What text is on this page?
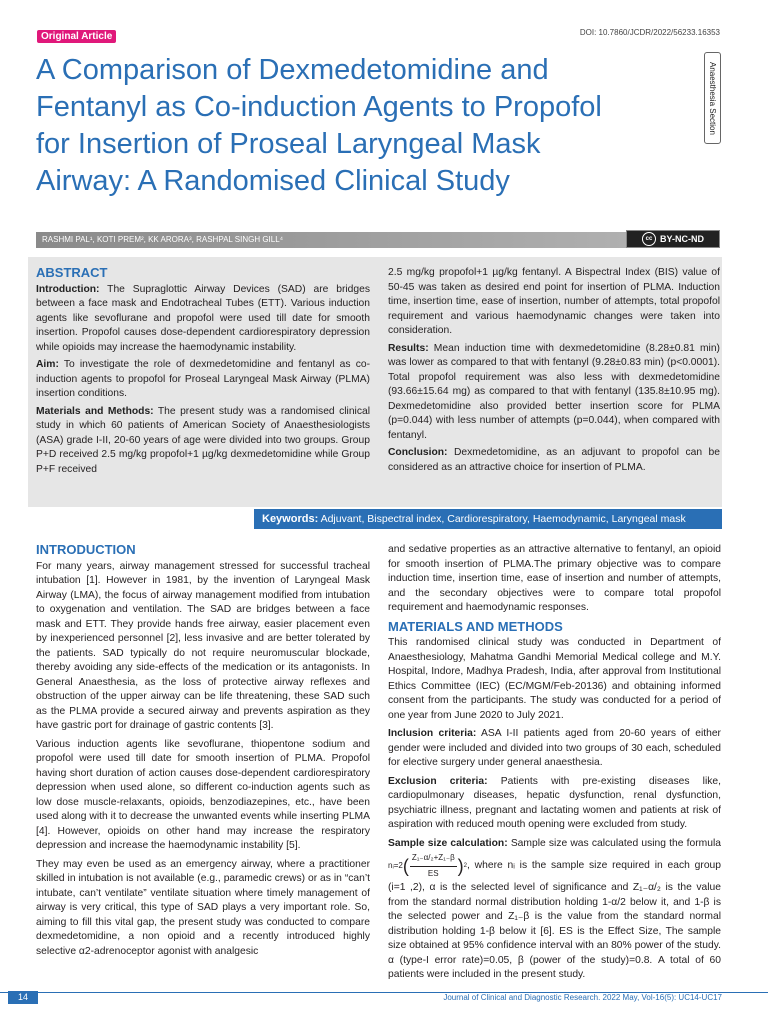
Original Article	DOI: 10.7860/JCDR/2022/56233.16353
A Comparison of Dexmedetomidine and Fentanyl as Co-induction Agents to Propofol for Insertion of Proseal Laryngeal Mask Airway: A Randomised Clinical Study
Anaesthesia Section
RASHMI PAL¹, KOTI PREM², KK ARORA³, RASHPAL SINGH GILL⁴	cc BY-NC-ND
ABSTRACT

Introduction: The Supraglottic Airway Devices (SAD) are bridges between a face mask and Endotracheal Tubes (ETT). Various induction agents like sevoflurane and propofol were used till date for smooth insertion. Propofol causes dose-dependent cardiorespiratory depression while opioids may increase the haemodynamic instability.

Aim: To investigate the role of dexmedetomidine and fentanyl as co-induction agents to propofol for Proseal Laryngeal Mask Airway (PLMA) insertion conditions.

Materials and Methods: The present study was a randomised clinical study in which 60 patients of American Society of Anaesthesiologists (ASA) grade I-II, 20-60 years of age were divided into two groups. Group P+D received 2.5 mg/kg propofol+1 µg/kg dexmedetomidine while Group P+F received

2.5 mg/kg propofol+1 µg/kg fentanyl. A Bispectral Index (BIS) value of 50-45 was taken as desired end point for insertion of PLMA. Induction time, insertion time, ease of insertion, number of attempts, total propofol requirement and various haemodynamic changes were taken into consideration.

Results: Mean induction time with dexmedetomidine (8.28±0.81 min) was lower as compared to that with fentanyl (9.28±0.83 min) (p<0.0001). Total propofol requirement was also less with dexmedetomidine (93.66±15.64 mg) as compared to that with fentanyl (135.8±10.95 mg). Dexmedetomidine also provided better insertion score for PLMA (p=0.044) with less number of attempts (p=0.044), when compared with fentanyl.

Conclusion: Dexmedetomidine, as an adjuvant to propofol can be considered as an attractive choice for insertion of PLMA.

Keywords: Adjuvant, Bispectral index, Cardiorespiratory, Haemodynamic, Laryngeal mask
INTRODUCTION

For many years, airway management stressed for successful tracheal intubation [1]. However in 1981, by the invention of Laryngeal Mask Airway (LMA), the focus of airway management modified from intubation to oxygenation and ventilation. The SAD are bridges between a face mask and ETT. They provide hands free airway, easier placement even by inexperienced personnel [2], less invasive and are better tolerated by the patients. SAD typically do not require neuromuscular blockade, thereby avoiding any side-effects of the medication or its antagonists. In General Anaesthesia, as the loss of protective airway reflexes and obstruction of the upper airway can be life threatening, these SAD such as the PLMA provide a secured airway and prevents aspiration as they have gastric port for drainage of gastric contents [3].

Various induction agents like sevoflurane, thiopentone sodium and propofol were used till date for smooth insertion of PLMA. Propofol having short duration of action causes dose-dependent cardiorespiratory depression when used alone, so different co-induction agents such as low dose muscle-relaxants, opioids, benzodiazepines, etc., have been used along with it to decrease the unwanted events while inserting PLMA [4]. However, opioids on other hand may increase the respiratory depression and increase the haemodynamic instability [5].

They may even be used as an emergency airway, where a practitioner skilled in intubation is not available (e.g., paramedic crews) or as in “can’t intubate, can’t ventilate” ventilate situation where timely management of airway is very critical, this type of SAD plays a very important role. So, aiming to fill this vital gap, the present study was conducted to compare dexmedetomidine, a non opioid and a recently introduced highly selective α2-adrenoceptor agonist with analgesic

and sedative properties as an attractive alternative to fentanyl, an opioid for smooth insertion of PLMA.The primary objective was to compare induction time, insertion time, ease of insertion and number of attempts, and the secondary objectives were to compare total propofol requirement and haemodynamic responses.

MATERIALS AND METHODS

This randomised clinical study was conducted in Department of Anaesthesiology, Mahatma Gandhi Memorial Medical college and M.Y. Hospital, Indore, Madhya Pradesh, India, after approval from Institutional Ethics Committee (IEC) (EC/MGM/Feb-20136) and obtaining informed consent from the participants. The study was conducted for a period of one year from June 2020 to July 2021.

Inclusion criteria: ASA I-II patients aged from 20-60 years of either gender were included and divided into two groups of 30 each, scheduled for elective surgery under general anaesthesia.

Exclusion criteria: Patients with pre-existing diseases like, cardiopulmonary diseases, hepatic dysfunction, renal dysfunction, psychiatric illness, pregnant and lactating women and patients at risk of aspiration with reduced mouth opening were excluded from study.

Sample size calculation: Sample size was calculated using the formula
nᵢ=2 ( $\frac{\text{Z₁₋α/₂+Z₁₋β}}{ES}$ ) 2 , where nᵢ is the sample size required in each group (i=1 ,2), α is the selected level of significance and Z₁₋α/₂ is the value from the standard normal distribution holding 1-α/2 below it, and 1-β is the selected power and Z₁₋β is the value from the standard normal distribution holding 1-β below it [6]. ES is the Effect Size, The sample size obtained at 95% confidence interval with an 80% power of the study. α (type-I error rate)=0.05, β (power of the study)=0.8. A total of 60 patients were included in the present study.

14	Journal of Clinical and Diagnostic Research. 2022 May, Vol-16(5): UC14-UC17
